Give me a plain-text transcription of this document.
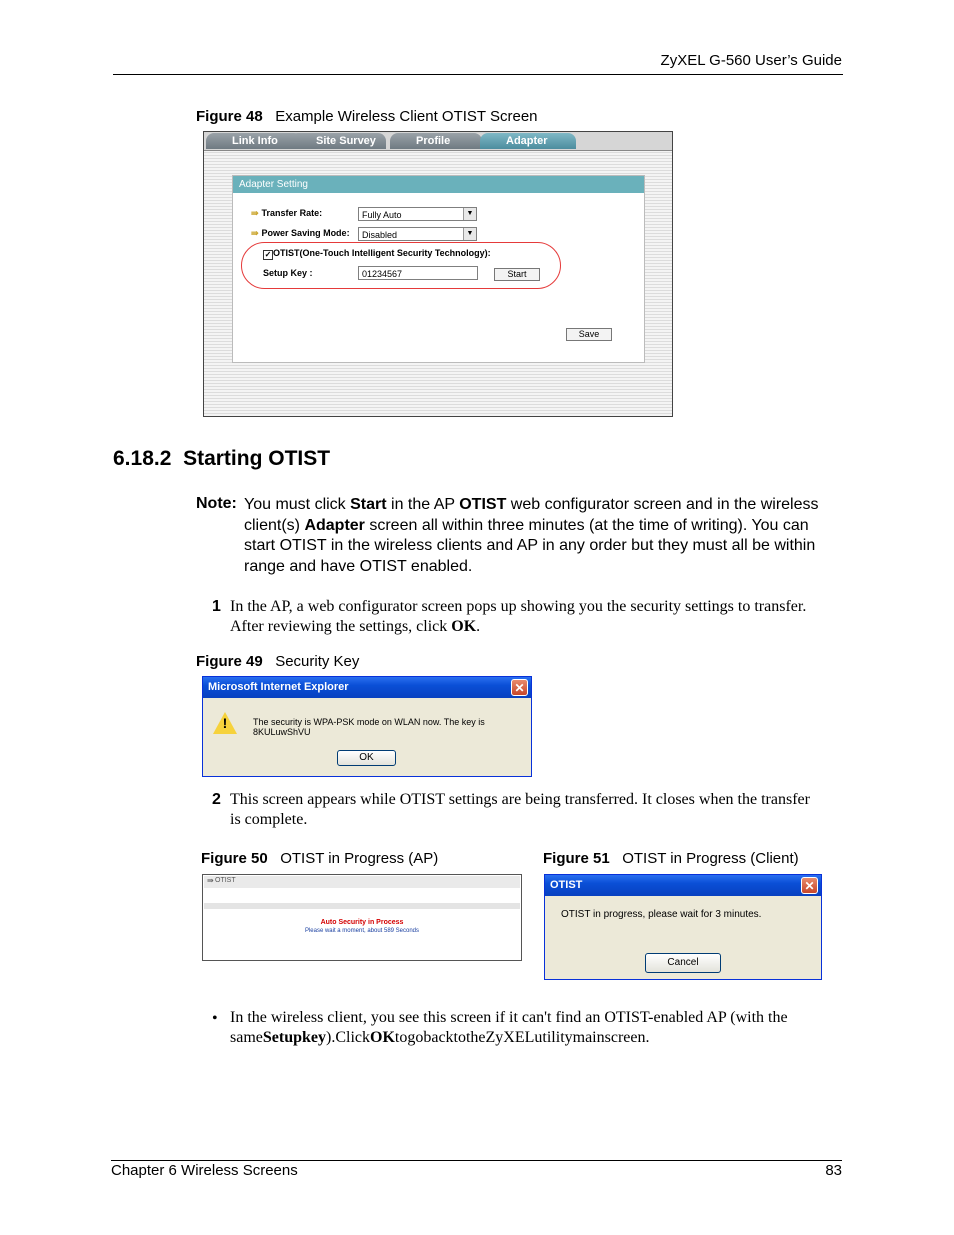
ZyXEL G-560 User’s Guide
Figure 48 Example Wireless Client OTIST Screen
Link Info	Site Survey	Profile	Adapter
Adapter Setting
⇛ Transfer Rate:	Fully Auto	▼
⇛ Power Saving Mode:	Disabled	▼
✓ OTIST(One-Touch Intelligent Security Technology):
Setup Key :	01234567	Start
Save
6.18.2 Starting OTIST
Note: You must click Start in the AP OTIST web configurator screen and in the wireless client(s) Adapter screen all within three minutes (at the time of writing). You can start OTIST in the wireless clients and AP in any order but they must all be within range and have OTIST enabled.
1 In the AP, a web configurator screen pops up showing you the security settings to transfer. After reviewing the settings, click OK.
Figure 49 Security Key
Microsoft Internet Explorer	✕
!	The security is WPA-PSK mode on WLAN now. The key is 8KULuwShVU
OK
2 This screen appears while OTIST settings are being transferred. It closes when the transfer is complete.
Figure 50 OTIST in Progress (AP)
⇛ OTIST
Auto Security in Process
Please wait a moment, about 589 Seconds
Figure 51 OTIST in Progress (Client)
OTIST	✕
OTIST in progress, please wait for 3 minutes.
Cancel
• In the wireless client, you see this screen if it can't find an OTIST-enabled AP (with the sameSetupkey).ClickOKtogobacktotheZyXELutilitymainscreen.
Chapter 6 Wireless Screens	83
